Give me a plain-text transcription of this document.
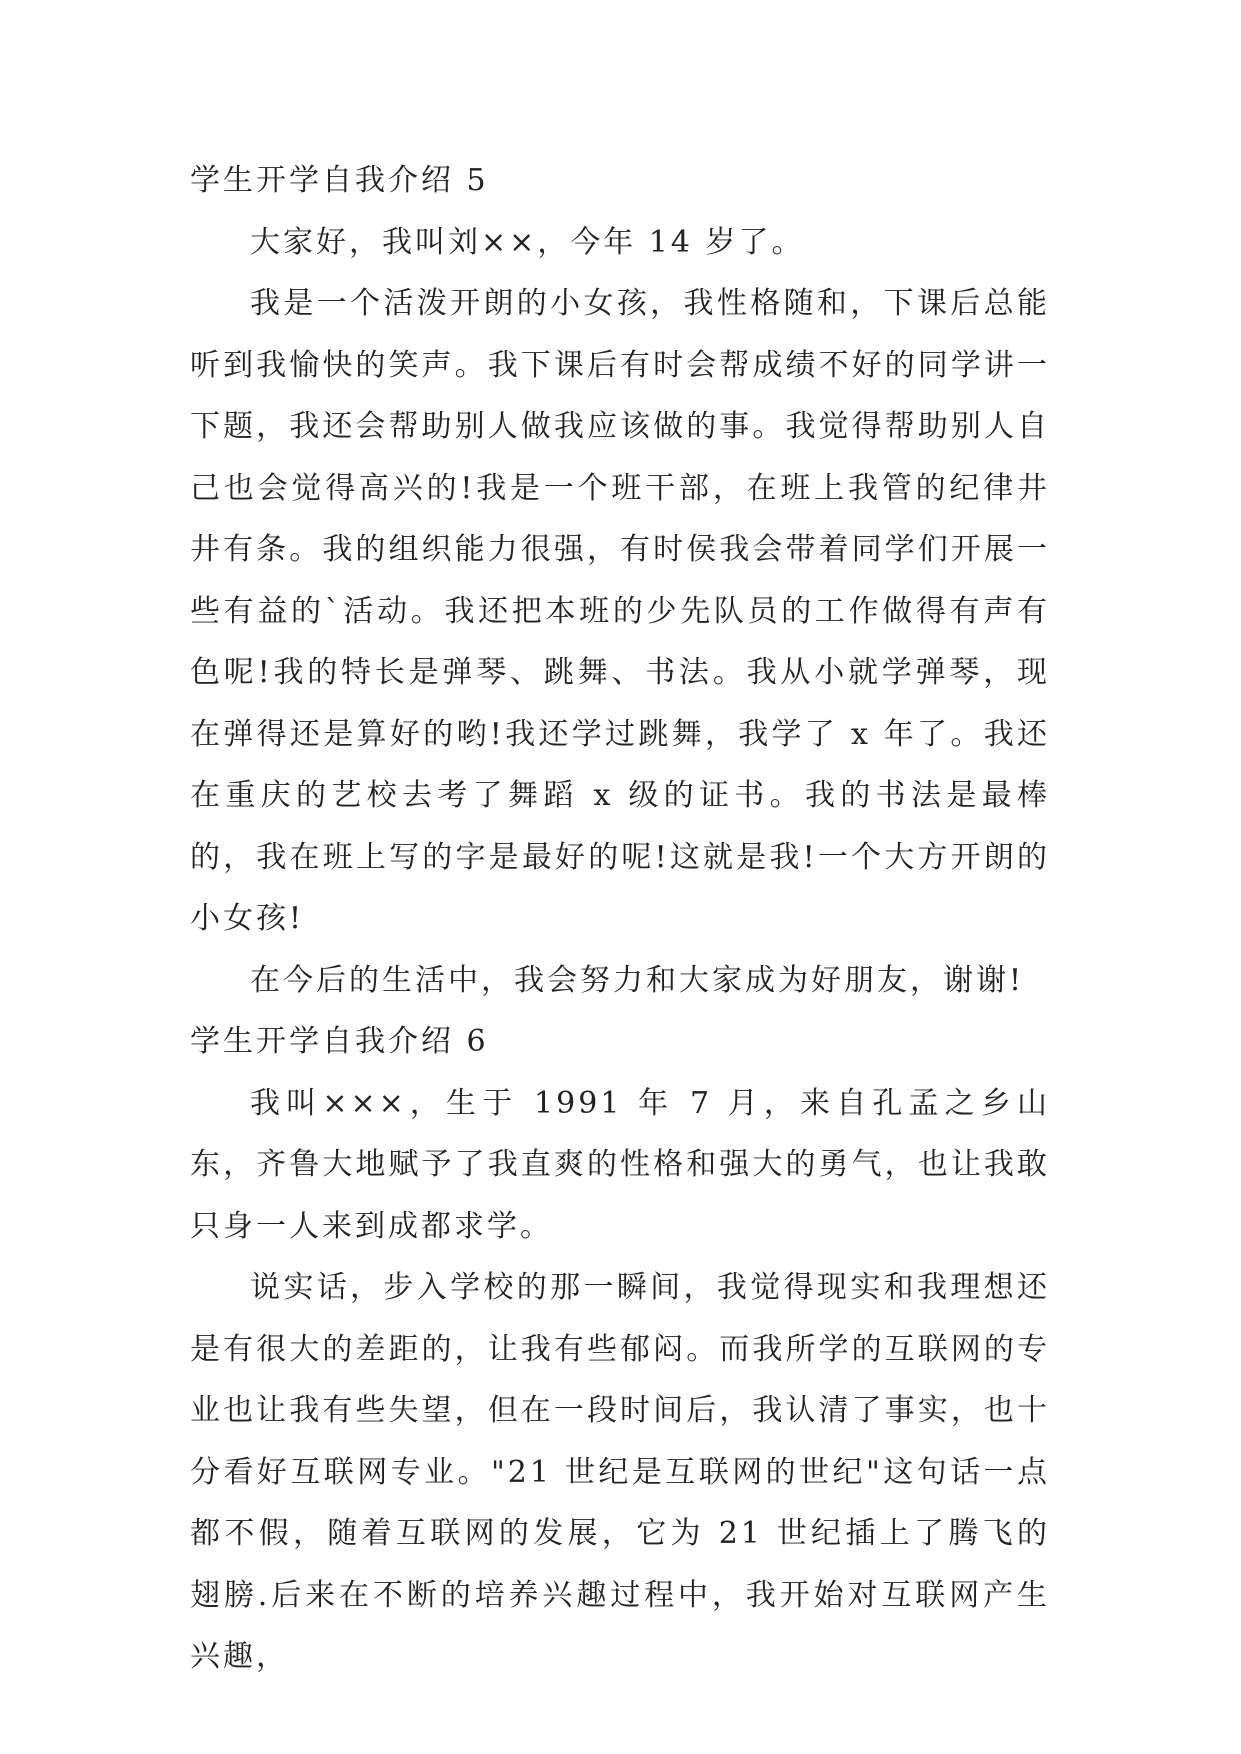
学生开学自我介绍 5

大家好，我叫刘××，今年 14 岁了。

我是一个活泼开朗的小女孩，我性格随和，下课后总能听到我愉快的笑声。我下课后有时会帮成绩不好的同学讲一下题，我还会帮助别人做我应该做的事。我觉得帮助别人自己也会觉得高兴的!我是一个班干部，在班上我管的纪律井井有条。我的组织能力很强，有时侯我会带着同学们开展一些有益的`活动。我还把本班的少先队员的工作做得有声有色呢!我的特长是弹琴、跳舞、书法。我从小就学弹琴，现在弹得还是算好的哟!我还学过跳舞，我学了 x 年了。我还在重庆的艺校去考了舞蹈 x 级的证书。我的书法是最棒的，我在班上写的字是最好的呢!这就是我!一个大方开朗的小女孩!

在今后的生活中，我会努力和大家成为好朋友，谢谢!

学生开学自我介绍 6

我叫×××，生于 1991 年 7 月，来自孔孟之乡山东，齐鲁大地赋予了我直爽的性格和强大的勇气，也让我敢只身一人来到成都求学。

说实话，步入学校的那一瞬间，我觉得现实和我理想还是有很大的差距的，让我有些郁闷。而我所学的互联网的专业也让我有些失望，但在一段时间后，我认清了事实，也十分看好互联网专业。"21 世纪是互联网的世纪"这句话一点都不假，随着互联网的发展，它为 21 世纪插上了腾飞的翅膀.后来在不断的培养兴趣过程中，我开始对互联网产生兴趣，
